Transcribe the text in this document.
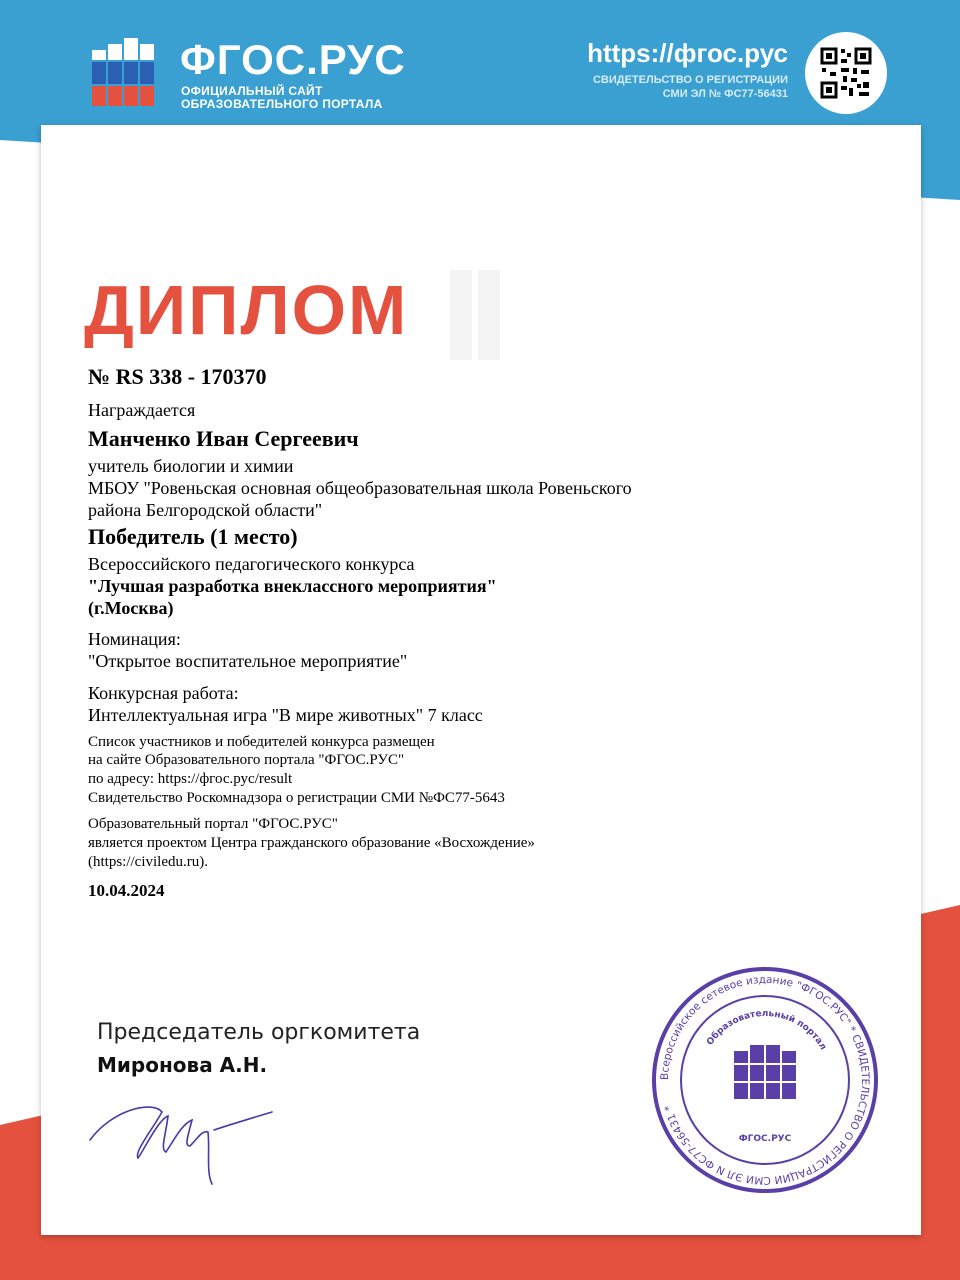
ФГОС.РУС
ОФИЦИАЛЬНЫЙ САЙТ
ОБРАЗОВАТЕЛЬНОГО ПОРТАЛА
https://фгос.рус
СВИДЕТЕЛЬСТВО О РЕГИСТРАЦИИ
СМИ ЭЛ № ФС77-56431
ДИПЛОМ
№ RS 338 - 170370
Награждается
Манченко Иван Сергеевич
учитель биологии и химии
МБОУ "Ровеньская основная общеобразовательная школа Ровеньского
района Белгородской области"
Победитель (1 место)
Всероссийского педагогического конкурса
"Лучшая разработка внеклассного мероприятия"
(г.Москва)
Номинация:
"Открытое воспитательное мероприятие"
Конкурсная работа:
Интеллектуальная игра "В мире животных" 7 класс
Список участников и победителей конкурса размещен
на сайте Образовательного портала "ФГОС.РУС"
по адресу: https://фгос.рус/result
Свидетельство Роскомнадзора о регистрации СМИ №ФС77-5643
Образовательный портал "ФГОС.РУС"
является проектом Центра гражданского образование «Восхождение»
(https://civiledu.ru).
10.04.2024
Председатель оргкомитета
Миронова А.Н.	Всероссийское сетевое издание "ФГОС.РУС" * СВИДЕТЕЛЬСТВО О РЕГИСТРАЦИИ СМИ ЭЛ N ФС77-56431 *
Образовательный портал
ФГОС.РУС
